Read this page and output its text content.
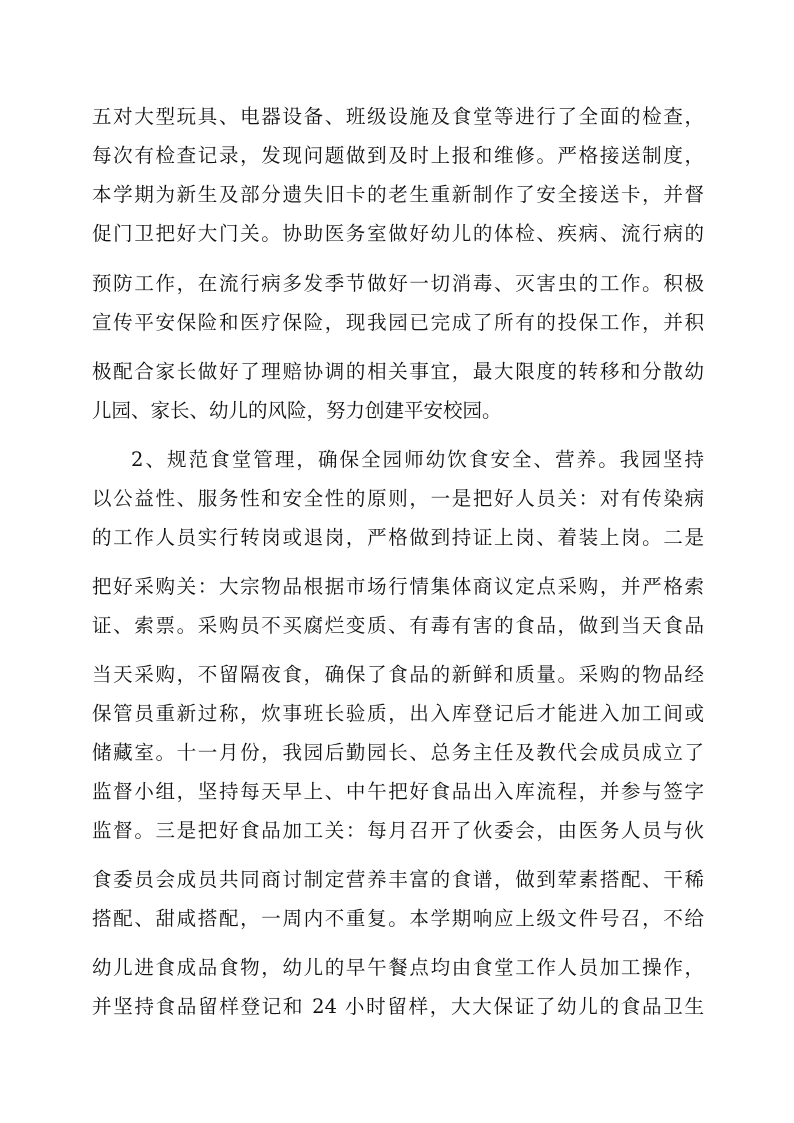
五对大型玩具、电器设备、班级设施及食堂等进行了全面的检查，
每次有检查记录，发现问题做到及时上报和维修。严格接送制度，
本学期为新生及部分遗失旧卡的老生重新制作了安全接送卡，并督
促门卫把好大门关。协助医务室做好幼儿的体检、疾病、流行病的
预防工作，在流行病多发季节做好一切消毒、灭害虫的工作。积极
宣传平安保险和医疗保险，现我园已完成了所有的投保工作，并积
极配合家长做好了理赔协调的相关事宜，最大限度的转移和分散幼
儿园、家长、幼儿的风险，努力创建平安校园。
2、规范食堂管理，确保全园师幼饮食安全、营养。我园坚持
以公益性、服务性和安全性的原则，一是把好人员关：对有传染病
的工作人员实行转岗或退岗，严格做到持证上岗、着装上岗。二是
把好采购关：大宗物品根据市场行情集体商议定点采购，并严格索
证、索票。采购员不买腐烂变质、有毒有害的食品，做到当天食品
当天采购，不留隔夜食，确保了食品的新鲜和质量。采购的物品经
保管员重新过称，炊事班长验质，出入库登记后才能进入加工间或
储藏室。十一月份，我园后勤园长、总务主任及教代会成员成立了
监督小组，坚持每天早上、中午把好食品出入库流程，并参与签字
监督。三是把好食品加工关：每月召开了伙委会，由医务人员与伙
食委员会成员共同商讨制定营养丰富的食谱，做到荤素搭配、干稀
搭配、甜咸搭配，一周内不重复。本学期响应上级文件号召，不给
幼儿进食成品食物，幼儿的早午餐点均由食堂工作人员加工操作，
并坚持食品留样登记和 24 小时留样，大大保证了幼儿的食品卫生
